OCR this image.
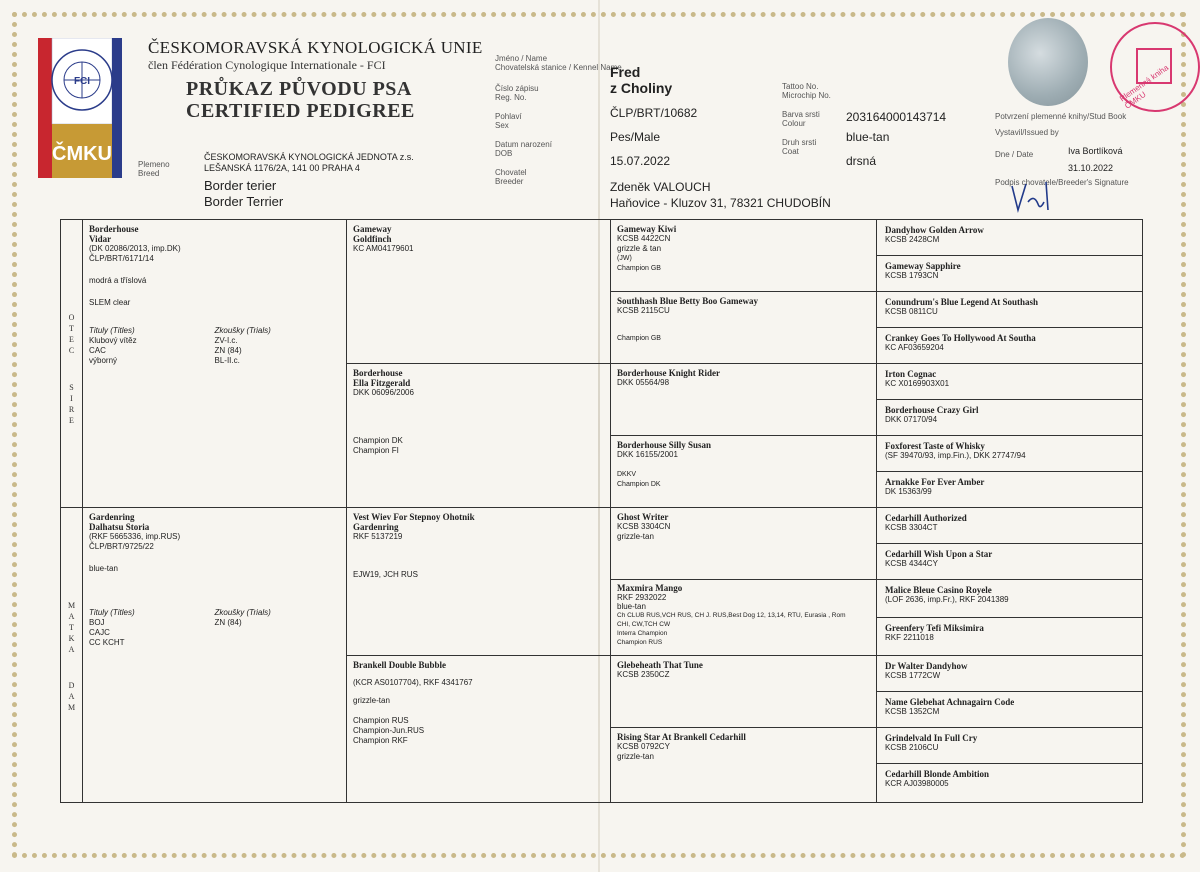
FCI
ČMKU
ČESKOMORAVSKÁ KYNOLOGICKÁ UNIE
člen Fédération Cynologique Internationale - FCI
PRŮKAZ PŮVODU PSA
CERTIFIED PEDIGREE
Plemeno
Breed
ČESKOMORAVSKÁ KYNOLOGICKÁ JEDNOTA z.s.
LEŠANSKÁ 1176/2A, 141 00 PRAHA 4
Border terier
Border Terrier
Jméno / Name
Chovatelská stanice / Kennel Name
Číslo zápisu
Reg. No.
Pohlaví
Sex
Datum narození
DOB
Chovatel
Breeder
Fred
z Choliny
ČLP/BRT/10682
Pes/Male
15.07.2022
Zdeněk VALOUCH
Haňovice - Kluzov 31, 78321 CHUDOBÍN
Tattoo No.
Microchip No.
Barva srsti
Colour
Druh srsti
Coat
203164000143714
blue-tan
drsná
Plemenná kniha ČMKU
Potvrzení plemenné knihy/Stud Book
Vystavil/Issued by
Iva Bortlíková
Dne / Date
31.10.2022
Podpis chovatele/Breeder's Signature
O
T
E
C
S
I
R
E
M
A
T
K
A
D
A
M
Borderhouse
Vidar
(DK 02086/2013, imp.DK)
ČLP/BRT/6171/14
modrá a tříslová
SLEM clear
Tituly (Titles)
Klubový vítěz
CAC
výborný
Zkoušky (Trials)
ZV-I.c.
ZN (84)
BL-II.c.
Gardenring
Dalhatsu Storia
(RKF 5665336, imp.RUS)
ČLP/BRT/9725/22
blue-tan
Tituly (Titles)
BOJ
CAJC
CC KCHT
Zkoušky (Trials)
ZN (84)
Gameway
Goldfinch
KC AM04179601
Borderhouse
Ella Fitzgerald
DKK 06096/2006
Champion DK
Champion FI
Vest Wiev For Stepnoy Ohotnik
Gardenring
RKF 5137219
EJW19, JCH RUS
Brankell Double Bubble
(KCR AS0107704), RKF 4341767
grizzle-tan
Champion RUS
Champion-Jun.RUS
Champion RKF
Gameway Kiwi
KCSB 4422CN
grizzle & tan
(JW)
Champion GB
Southhash Blue Betty Boo Gameway
KCSB 2115CU
Champion GB
Borderhouse Knight Rider
DKK 05564/98
Borderhouse Silly Susan
DKK 16155/2001
DKKV
Champion DK
Ghost Writer
KCSB 3304CN
grizzle-tan
Maxmira Mango
RKF 2932022
blue-tan
Ch CLUB RUS,VCH RUS, CH J. RUS,Best Dog 12, 13,14, RTU, Eurasia , Rom
CHI, CW,TCH CW
Interra Champion
Champion RUS
Glebeheath That Tune
KCSB 2350CZ
Rising Star At Brankell Cedarhill
KCSB 0792CY
grizzle-tan
Dandyhow Golden Arrow
KCSB 2428CM
Gameway Sapphire
KCSB 1793CN
Conundrum's Blue Legend At Southash
KCSB 0811CU
Crankey Goes To Hollywood At Southa
KC AF03659204
Irton Cognac
KC X0169903X01
Borderhouse Crazy Girl
DKK 07170/94
Foxforest Taste of Whisky
(SF 39470/93, imp.Fin.), DKK 27747/94
Arnakke For Ever Amber
DK 15363/99
Cedarhill Authorized
KCSB 3304CT
Cedarhill Wish Upon a Star
KCSB 4344CY
Malice Bleue Casino Royele
(LOF 2636, imp.Fr.), RKF 2041389
Greenfery Tefi Miksimira
RKF 2211018
Dr Walter Dandyhow
KCSB 1772CW
Name Glebehat Achnagairn Code
KCSB 1352CM
Grindelvald In Full Cry
KCSB 2106CU
Cedarhill Blonde Ambition
KCR AJ03980005
